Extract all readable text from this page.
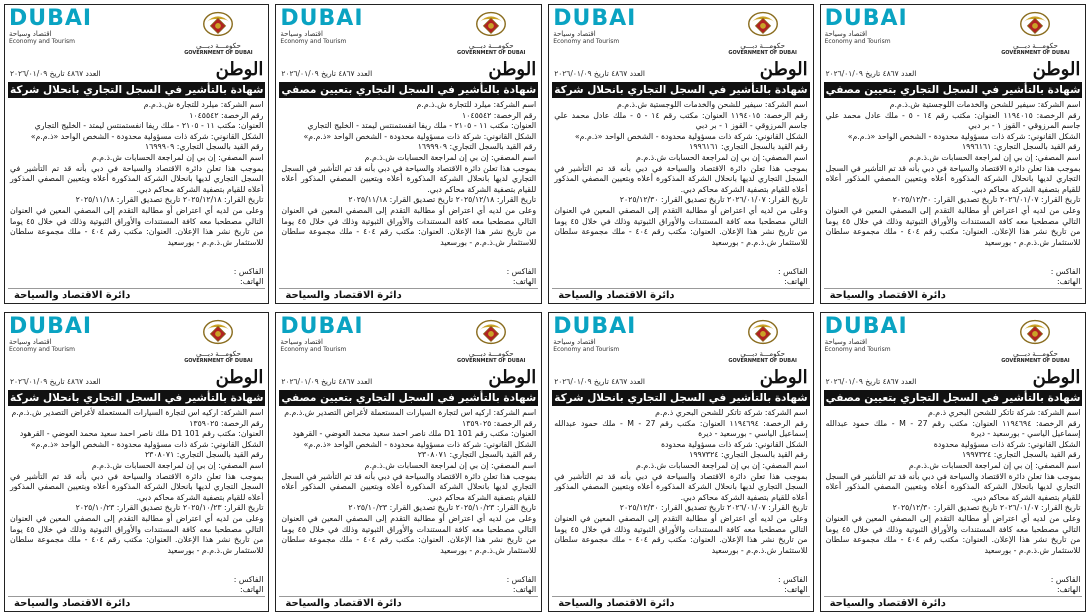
حكومـــة دبـــي
GOVERNMENT OF DUBAI
DUBAI
اقتصاد وسياحة
Economy and Tourism
الوطن
العدد ٤٨٦٧ تاريخ ٢٠٢٦/٠١/٠٩
شهادة بالتأشير في السجل التجاري بانحلال شركة

اسم الشركة: ميلرد للتجارة ش.ذ.م.م

رقم الرخصة: ١٠٤٥٥٤٢

العنوان: مكتب ١١ - ٢١٠٥ - ملك ريفا انفستمنتس ليمتد - الخليج التجاري

الشكل القانوني: شركة ذات مسؤولية محدودة - الشخص الواحد «ذ.م.م»

رقم القيد بالسجل التجاري: ١٦٩٩٩٠٩

اسم المصفي: إن بي إن لمراجعة الحسابات ش.ذ.م.م

بموجب هذا تعلن دائرة الاقتصاد والسياحة في دبي بأنه قد تم التأشير في السجل التجاري لديها بانحلال الشركة المذكورة أعلاه وبتعيين المصفي المذكور أعلاه للقيام بتصفية الشركة محاكم دبي.

تاريخ القرار: ٢٠٢٥/١٢/١٨ تاريخ تصديق القرار: ٢٠٢٥/١١/١٨

وعلى من لديه أي اعتراض أو مطالبة التقدم إلى المصفي المعين في العنوان التالي مصطحبا معه كافة المستندات والأوراق الثبوتية وذلك في خلال ٤٥ يوما من تاريخ نشر هذا الإعلان. العنوان: مكتب رقم ٤٠٤ - ملك مجموعة سلطان للاستثمار ش.ذ.م.م - بورسعيد

الفاكس :
الهاتف:
دائرة الاقتصاد والسياحة
حكومـــة دبـــي
GOVERNMENT OF DUBAI
DUBAI
اقتصاد وسياحة
Economy and Tourism
الوطن
العدد ٤٨٦٧ تاريخ ٢٠٢٦/٠١/٠٩
شهادة بالتأشير في السجل التجاري بتعيين مصفي

اسم الشركة: ميلرد للتجارة ش.ذ.م.م

رقم الرخصة: ١٠٤٥٥٤٢

العنوان: مكتب ١١ - ٢١٠٥ - ملك ريفا انفستمنتس ليمتد - الخليج التجاري

الشكل القانوني: شركة ذات مسؤولية محدودة - الشخص الواحد «ذ.م.م»

رقم القيد بالسجل التجاري: ١٦٩٩٩٠٩

اسم المصفي: إن بي إن لمراجعة الحسابات ش.ذ.م.م

بموجب هذا تعلن دائرة الاقتصاد والسياحة في دبي بأنه قد تم التأشير في السجل التجاري لديها بانحلال الشركة المذكورة أعلاه وبتعيين المصفي المذكور أعلاه للقيام بتصفية الشركة محاكم دبي.

تاريخ القرار: ٢٠٢٥/١٢/١٨ تاريخ تصديق القرار: ٢٠٢٥/١١/١٨

وعلى من لديه أي اعتراض أو مطالبة التقدم إلى المصفي المعين في العنوان التالي مصطحبا معه كافة المستندات والأوراق الثبوتية وذلك في خلال ٤٥ يوما من تاريخ نشر هذا الإعلان. العنوان: مكتب رقم ٤٠٤ - ملك مجموعة سلطان للاستثمار ش.ذ.م.م - بورسعيد

الفاكس :
الهاتف:
دائرة الاقتصاد والسياحة
حكومـــة دبـــي
GOVERNMENT OF DUBAI
DUBAI
اقتصاد وسياحة
Economy and Tourism
الوطن
العدد ٤٨٦٧ تاريخ ٢٠٢٦/٠١/٠٩
شهادة بالتأشير في السجل التجاري بانحلال شركة

اسم الشركة: سيفير للشحن والخدمات اللوجستية ش.ذ.م.م

رقم الرخصة: ١١٩٤٠١٥ العنوان: مكتب رقم ١٤ - ٥ - ملك عادل محمد علي جاسم المرزوقي - القوز ١ - بر دبي

الشكل القانوني: شركة ذات مسؤولية محدودة - الشخص الواحد «ذ.م.م»

رقم القيد بالسجل التجاري: ١٩٩٦١٦١

اسم المصفي: إن بي إن لمراجعة الحسابات ش.ذ.م.م

بموجب هذا تعلن دائرة الاقتصاد والسياحة في دبي بأنه قد تم التأشير في السجل التجاري لديها بانحلال الشركة المذكورة أعلاه وبتعيين المصفي المذكور أعلاه للقيام بتصفية الشركة محاكم دبي.

تاريخ القرار: ٢٠٢٦/٠١/٠٧ تاريخ تصديق القرار: ٢٠٢٥/١٢/٣٠

وعلى من لديه أي اعتراض أو مطالبة التقدم إلى المصفي المعين في العنوان التالي مصطحبا معه كافة المستندات والأوراق الثبوتية وذلك في خلال ٤٥ يوما من تاريخ نشر هذا الإعلان. العنوان: مكتب رقم ٤٠٤ - ملك مجموعة سلطان للاستثمار ش.ذ.م.م - بورسعيد

الفاكس :
الهاتف:
دائرة الاقتصاد والسياحة
حكومـــة دبـــي
GOVERNMENT OF DUBAI
DUBAI
اقتصاد وسياحة
Economy and Tourism
الوطن
العدد ٤٨٦٧ تاريخ ٢٠٢٦/٠١/٠٩
شهادة بالتأشير في السجل التجاري بتعيين مصفي

اسم الشركة: سيفير للشحن والخدمات اللوجستية ش.ذ.م.م

رقم الرخصة: ١١٩٤٠١٥ العنوان: مكتب رقم ١٤ - ٥ - ملك عادل محمد علي جاسم المرزوقي - القوز ١ - بر دبي

الشكل القانوني: شركة ذات مسؤولية محدودة - الشخص الواحد «ذ.م.م»

رقم القيد بالسجل التجاري: ١٩٩٦١٦١

اسم المصفي: إن بي إن لمراجعة الحسابات ش.ذ.م.م

بموجب هذا تعلن دائرة الاقتصاد والسياحة في دبي بأنه قد تم التأشير في السجل التجاري لديها بانحلال الشركة المذكورة أعلاه وبتعيين المصفي المذكور أعلاه للقيام بتصفية الشركة محاكم دبي.

تاريخ القرار: ٢٠٢٦/٠١/٠٧ تاريخ تصديق القرار: ٢٠٢٥/١٢/٣٠

وعلى من لديه أي اعتراض أو مطالبة التقدم إلى المصفي المعين في العنوان التالي مصطحبا معه كافة المستندات والأوراق الثبوتية وذلك في خلال ٤٥ يوما من تاريخ نشر هذا الإعلان. العنوان: مكتب رقم ٤٠٤ - ملك مجموعة سلطان للاستثمار ش.ذ.م.م - بورسعيد

الفاكس :
الهاتف:
دائرة الاقتصاد والسياحة
حكومـــة دبـــي
GOVERNMENT OF DUBAI
DUBAI
اقتصاد وسياحة
Economy and Tourism
الوطن
العدد ٤٨٦٧ تاريخ ٢٠٢٦/٠١/٠٩
شهادة بالتأشير في السجل التجاري بانحلال شركة

اسم الشركة: اركيه اس لتجارة السيارات المستعملة لأغراض التصدير ش.ذ.م.م

رقم الرخصة: ١٣٥٩٠٢٥

العنوان: مكتب رقم D1 101 ملك ناصر احمد سعيد محمد العوضي - القرهود

الشكل القانوني: شركة ذات مسؤولية محدودة - الشخص الواحد «ذ.م.م»

رقم القيد بالسجل التجاري: ٢٣٠٨٠٧١

اسم المصفي: إن بي إن لمراجعة الحسابات ش.ذ.م.م

بموجب هذا تعلن دائرة الاقتصاد والسياحة في دبي بأنه قد تم التأشير في السجل التجاري لديها بانحلال الشركة المذكورة أعلاه وبتعيين المصفي المذكور أعلاه للقيام بتصفية الشركة محاكم دبي.

تاريخ القرار: ٢٠٢٥/١٠/٢٣ تاريخ تصديق القرار: ٢٠٢٥/١٠/٢٣

وعلى من لديه أي اعتراض أو مطالبة التقدم إلى المصفي المعين في العنوان التالي مصطحبا معه كافة المستندات والأوراق الثبوتية وذلك في خلال ٤٥ يوما من تاريخ نشر هذا الإعلان. العنوان: مكتب رقم ٤٠٤ - ملك مجموعة سلطان للاستثمار ش.ذ.م.م - بورسعيد

الفاكس :
الهاتف:
دائرة الاقتصاد والسياحة
حكومـــة دبـــي
GOVERNMENT OF DUBAI
DUBAI
اقتصاد وسياحة
Economy and Tourism
الوطن
العدد ٤٨٦٧ تاريخ ٢٠٢٦/٠١/٠٩
شهادة بالتأشير في السجل التجاري بتعيين مصفي

اسم الشركة: اركيه اس لتجارة السيارات المستعملة لأغراض التصدير ش.ذ.م.م

رقم الرخصة: ١٣٥٩٠٢٥

العنوان: مكتب رقم D1 101 ملك ناصر احمد سعيد محمد العوضي - القرهود

الشكل القانوني: شركة ذات مسؤولية محدودة - الشخص الواحد «ذ.م.م»

رقم القيد بالسجل التجاري: ٢٣٠٨٠٧١

اسم المصفي: إن بي إن لمراجعة الحسابات ش.ذ.م.م

بموجب هذا تعلن دائرة الاقتصاد والسياحة في دبي بأنه قد تم التأشير في السجل التجاري لديها بانحلال الشركة المذكورة أعلاه وبتعيين المصفي المذكور أعلاه للقيام بتصفية الشركة محاكم دبي.

تاريخ القرار: ٢٠٢٥/١٠/٢٣ تاريخ تصديق القرار: ٢٠٢٥/١٠/٢٣

وعلى من لديه أي اعتراض أو مطالبة التقدم إلى المصفي المعين في العنوان التالي مصطحبا معه كافة المستندات والأوراق الثبوتية وذلك في خلال ٤٥ يوما من تاريخ نشر هذا الإعلان. العنوان: مكتب رقم ٤٠٤ - ملك مجموعة سلطان للاستثمار ش.ذ.م.م - بورسعيد

الفاكس :
الهاتف:
دائرة الاقتصاد والسياحة
حكومـــة دبـــي
GOVERNMENT OF DUBAI
DUBAI
اقتصاد وسياحة
Economy and Tourism
الوطن
العدد ٤٨٦٧ تاريخ ٢٠٢٦/٠١/٠٩
شهادة بالتأشير في السجل التجاري بانحلال شركة

اسم الشركة: شركة تاتكر للشحن البحري ذ.م.م

رقم الرخصة: ١١٩٤٦٩٤ العنوان: مكتب رقم M - 27 - ملك حمود عبدالله إسماعيل الياسي - بورسعيد - ديرة

الشكل القانوني: شركة ذات مسؤولية محدودة

رقم القيد بالسجل التجاري: ١٩٩٧٣٢٤

اسم المصفي: إن بي إن لمراجعة الحسابات ش.ذ.م.م

بموجب هذا تعلن دائرة الاقتصاد والسياحة في دبي بأنه قد تم التأشير في السجل التجاري لديها بانحلال الشركة المذكورة أعلاه وبتعيين المصفي المذكور أعلاه للقيام بتصفية الشركة محاكم دبي.

تاريخ القرار: ٢٠٢٦/٠١/٠٧ تاريخ تصديق القرار: ٢٠٢٥/١٢/٣٠

وعلى من لديه أي اعتراض أو مطالبة التقدم إلى المصفي المعين في العنوان التالي مصطحبا معه كافة المستندات والأوراق الثبوتية وذلك في خلال ٤٥ يوما من تاريخ نشر هذا الإعلان. العنوان: مكتب رقم ٤٠٤ - ملك مجموعة سلطان للاستثمار ش.ذ.م.م - بورسعيد

الفاكس :
الهاتف:
دائرة الاقتصاد والسياحة
حكومـــة دبـــي
GOVERNMENT OF DUBAI
DUBAI
اقتصاد وسياحة
Economy and Tourism
الوطن
العدد ٤٨٦٧ تاريخ ٢٠٢٦/٠١/٠٩
شهادة بالتأشير في السجل التجاري بتعيين مصفي

اسم الشركة: شركة تاتكر للشحن البحري ذ.م.م

رقم الرخصة: ١١٩٤٦٩٤ العنوان: مكتب رقم M - 27 - ملك حمود عبدالله إسماعيل الياسي - بورسعيد - ديرة

الشكل القانوني: شركة ذات مسؤولية محدودة

رقم القيد بالسجل التجاري: ١٩٩٧٣٢٤

اسم المصفي: إن بي إن لمراجعة الحسابات ش.ذ.م.م

بموجب هذا تعلن دائرة الاقتصاد والسياحة في دبي بأنه قد تم التأشير في السجل التجاري لديها بانحلال الشركة المذكورة أعلاه وبتعيين المصفي المذكور أعلاه للقيام بتصفية الشركة محاكم دبي.

تاريخ القرار: ٢٠٢٦/٠١/٠٧ تاريخ تصديق القرار: ٢٠٢٥/١٢/٣٠

وعلى من لديه أي اعتراض أو مطالبة التقدم إلى المصفي المعين في العنوان التالي مصطحبا معه كافة المستندات والأوراق الثبوتية وذلك في خلال ٤٥ يوما من تاريخ نشر هذا الإعلان. العنوان: مكتب رقم ٤٠٤ - ملك مجموعة سلطان للاستثمار ش.ذ.م.م - بورسعيد

الفاكس :
الهاتف:
دائرة الاقتصاد والسياحة
